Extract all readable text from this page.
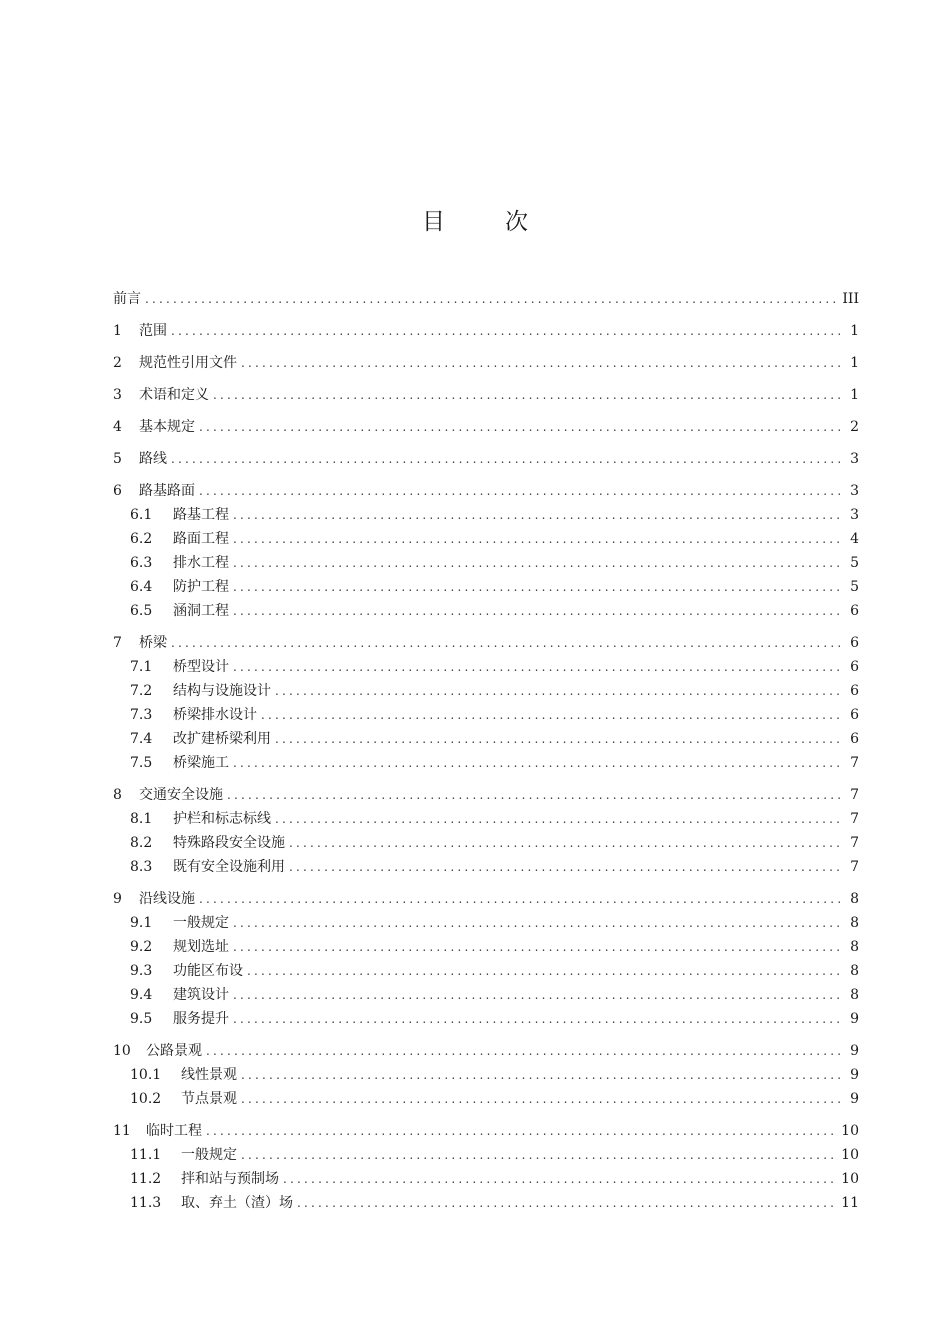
目	次
前言 .....	III
1	范围 .....	1
2	规范性引用文件 .....	1
3	术语和定义 .....	1
4	基本规定 .....	2
5	路线 .....	3
6	路基路面 .....	3
6.1	路基工程 .....	3
6.2	路面工程 .....	4
6.3	排水工程 .....	5
6.4	防护工程 .....	5
6.5	涵洞工程 .....	6
7	桥梁 .....	6
7.1	桥型设计 .....	6
7.2	结构与设施设计 .....	6
7.3	桥梁排水设计 .....	6
7.4	改扩建桥梁利用 .....	6
7.5	桥梁施工 .....	7
8	交通安全设施 .....	7
8.1	护栏和标志标线 .....	7
8.2	特殊路段安全设施 .....	7
8.3	既有安全设施利用 .....	7
9	沿线设施 .....	8
9.1	一般规定 .....	8
9.2	规划选址 .....	8
9.3	功能区布设 .....	8
9.4	建筑设计 .....	8
9.5	服务提升 .....	9
10	公路景观 .....	9
10.1	线性景观 .....	9
10.2	节点景观 .....	9
11	临时工程 .....	10
11.1	一般规定 .....	10
11.2	拌和站与预制场 .....	10
11.3	取、弃土（渣）场 .....	11
